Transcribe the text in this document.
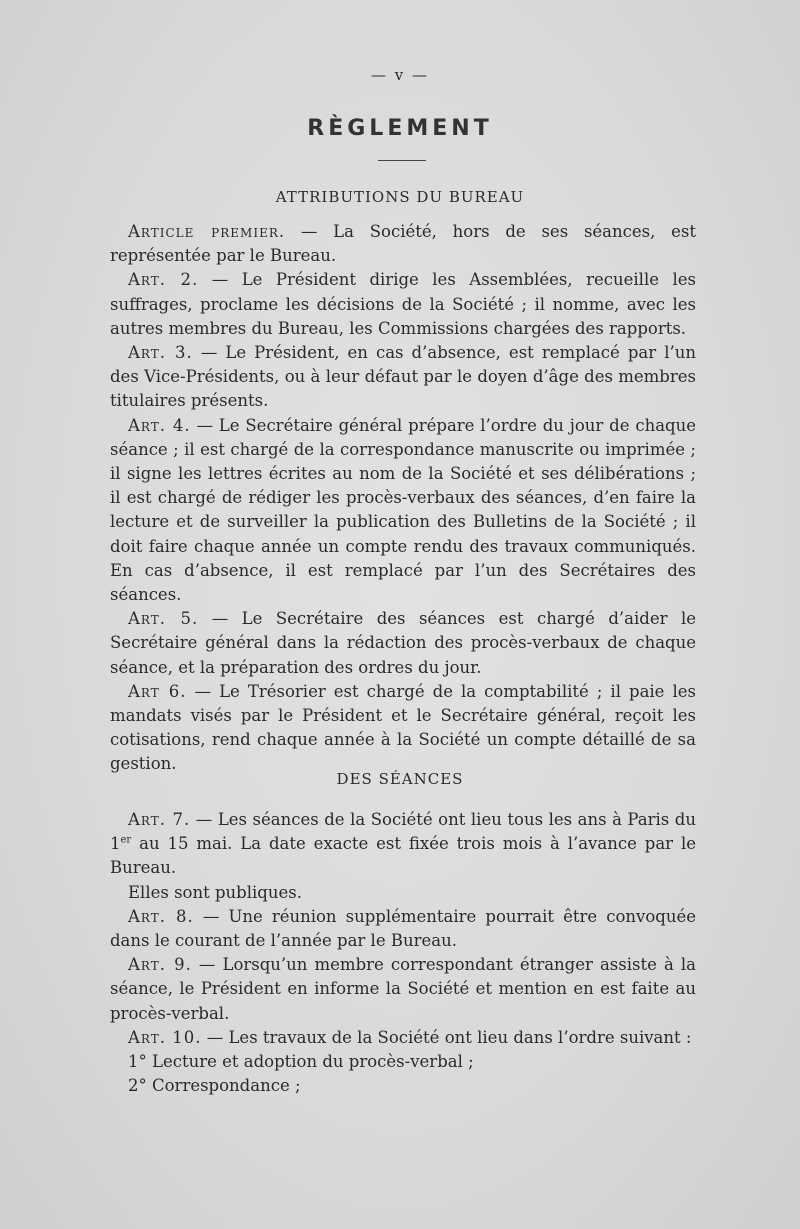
— v —
RÈGLEMENT
ATTRIBUTIONS DU BUREAU

Article premier. — La Société, hors de ses séances, est représentée par le Bureau.

Art. 2. — Le Président dirige les Assemblées, recueille les suffrages, proclame les décisions de la Société ; il nomme, avec les autres membres du Bureau, les Commissions chargées des rapports.

Art. 3. — Le Président, en cas d’absence, est remplacé par l’un des Vice-Présidents, ou à leur défaut par le doyen d’âge des membres titulaires présents.

Art. 4. — Le Secrétaire général prépare l’ordre du jour de chaque séance ; il est chargé de la correspondance manuscrite ou imprimée ; il signe les lettres écrites au nom de la Société et ses délibérations ; il est chargé de rédiger les procès-verbaux des séances, d’en faire la lecture et de surveiller la publication des Bulletins de la Société ; il doit faire chaque année un compte rendu des travaux communiqués. En cas d’absence, il est remplacé par l’un des Secrétaires des séances.

Art. 5. — Le Secrétaire des séances est chargé d’aider le Secrétaire général dans la rédaction des procès-verbaux de chaque séance, et la préparation des ordres du jour.

Art 6. — Le Trésorier est chargé de la comptabilité ; il paie les mandats visés par le Président et le Secrétaire général, reçoit les cotisations, rend chaque année à la Société un compte détaillé de sa gestion.

DES SÉANCES

Art. 7. — Les séances de la Société ont lieu tous les ans à Paris du 1er au 15 mai. La date exacte est fixée trois mois à l’avance par le Bureau.

Elles sont publiques.

Art. 8. — Une réunion supplémentaire pourrait être convoquée dans le courant de l’année par le Bureau.

Art. 9. — Lorsqu’un membre correspondant étranger assiste à la séance, le Président en informe la Société et mention en est faite au procès-verbal.

Art. 10. — Les travaux de la Société ont lieu dans l’ordre suivant :

1° Lecture et adoption du procès-verbal ;

2° Correspondance ;
